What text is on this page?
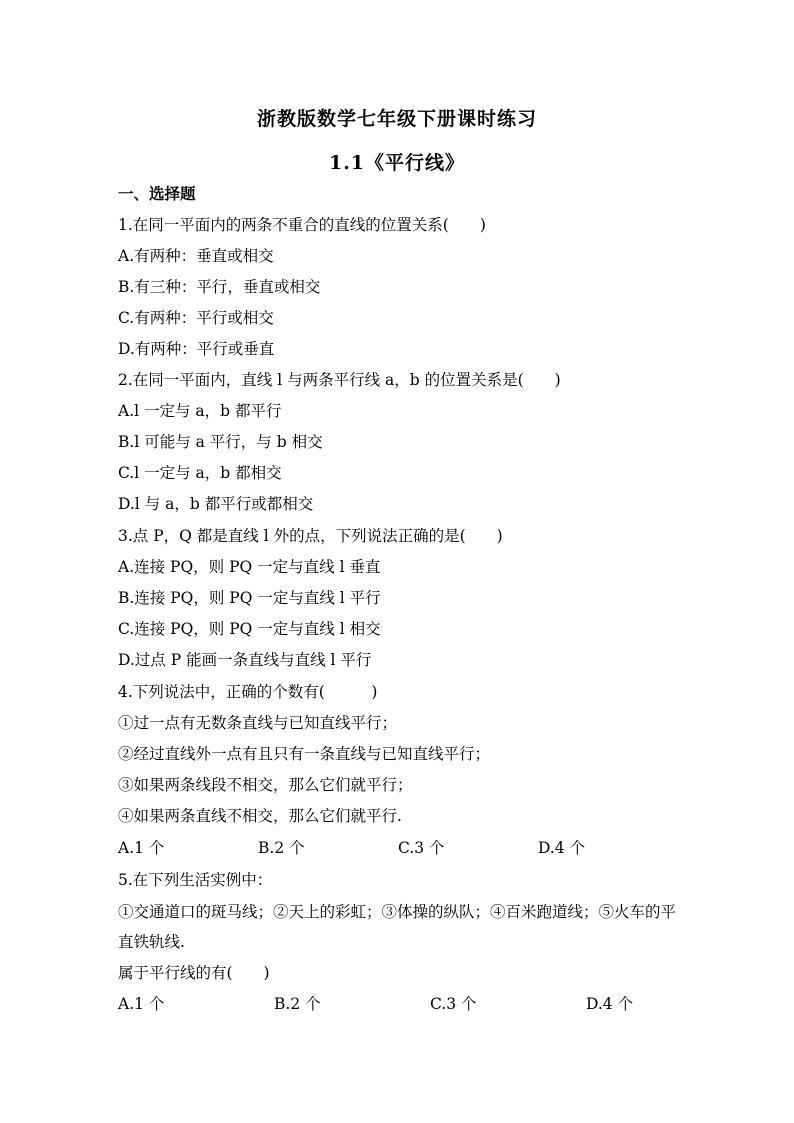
浙教版数学七年级下册课时练习
1.1《平行线》
一、选择题
1.在同一平面内的两条不重合的直线的位置关系(　　)
A.有两种：垂直或相交
B.有三种：平行，垂直或相交
C.有两种：平行或相交
D.有两种：平行或垂直
2.在同一平面内，直线 l 与两条平行线 a，b 的位置关系是(　　)
A.l 一定与 a，b 都平行
B.l 可能与 a 平行，与 b 相交
C.l 一定与 a，b 都相交
D.l 与 a，b 都平行或都相交
3.点 P，Q 都是直线 l 外的点，下列说法正确的是(　　)
A.连接 PQ，则 PQ 一定与直线 l 垂直
B.连接 PQ，则 PQ 一定与直线 l 平行
C.连接 PQ，则 PQ 一定与直线 l 相交
D.过点 P 能画一条直线与直线 l 平行
4.下列说法中，正确的个数有(　　　)
①过一点有无数条直线与已知直线平行；
②经过直线外一点有且只有一条直线与已知直线平行；
③如果两条线段不相交，那么它们就平行；
④如果两条直线不相交，那么它们就平行.
A.1 个	B.2 个	C.3 个	D.4 个
5.在下列生活实例中：
①交通道口的斑马线；②天上的彩虹；③体操的纵队；④百米跑道线；⑤火车的平
直铁轨线.
属于平行线的有(　　)
A.1 个	B.2 个	C.3 个	D.4 个
